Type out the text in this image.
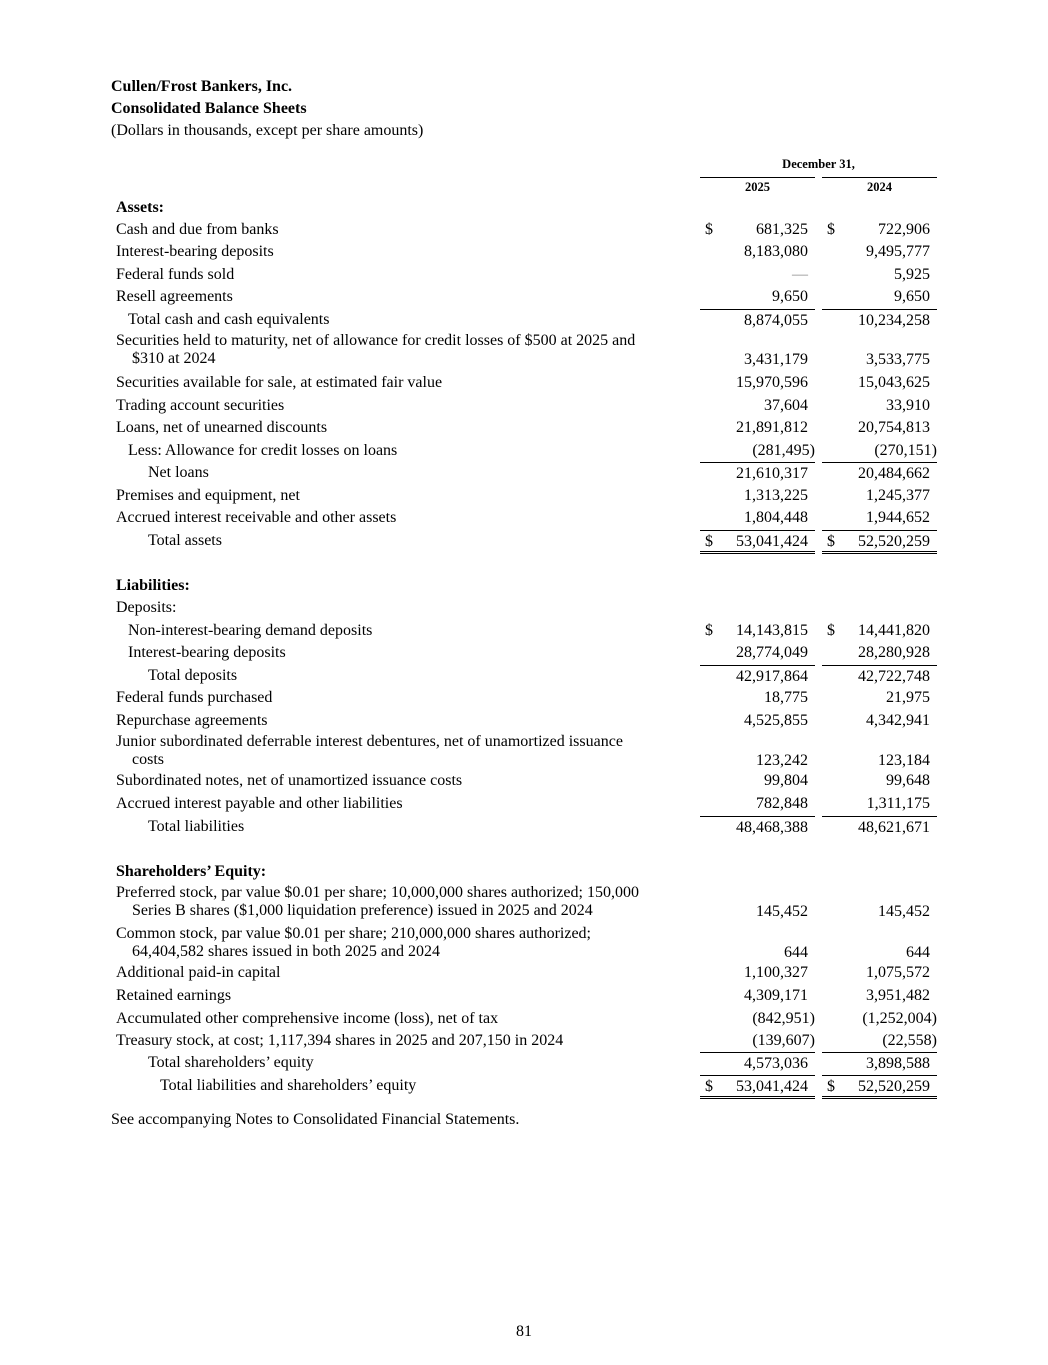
Cullen/Frost Bankers, Inc.
Consolidated Balance Sheets
(Dollars in thousands, except per share amounts)
December 31,
2025	2024
Assets:
Cash and due from banks	$	681,325 $	722,906
Interest-bearing deposits	8,183,080	9,495,777
Federal funds sold	—	5,925
Resell agreements	9,650	9,650
Total cash and cash equivalents	8,874,055	10,234,258
Securities held to maturity, net of allowance for credit losses of $500 at 2025 and
$310 at 2024	3,431,179	3,533,775
Securities available for sale, at estimated fair value	15,970,596	15,043,625
Trading account securities	37,604	33,910
Loans, net of unearned discounts	21,891,812	20,754,813
Less: Allowance for credit losses on loans	(281,495)	(270,151)
Net loans	21,610,317	20,484,662
Premises and equipment, net	1,313,225	1,245,377
Accrued interest receivable and other assets	1,804,448	1,944,652
Total assets	$ 53,041,424 $ 52,520,259
Liabilities:
Deposits:
Non-interest-bearing demand deposits	$ 14,143,815 $ 14,441,820
Interest-bearing deposits	28,774,049	28,280,928
Total deposits	42,917,864	42,722,748
Federal funds purchased	18,775	21,975
Repurchase agreements	4,525,855	4,342,941
Junior subordinated deferrable interest debentures, net of unamortized issuance
costs	123,242	123,184
Subordinated notes, net of unamortized issuance costs	99,804	99,648
Accrued interest payable and other liabilities	782,848	1,311,175
Total liabilities	48,468,388	48,621,671
Shareholders’ Equity:
Preferred stock, par value $0.01 per share; 10,000,000 shares authorized; 150,000
Series B shares ($1,000 liquidation preference) issued in 2025 and 2024	145,452	145,452
Common stock, par value $0.01 per share; 210,000,000 shares authorized;
64,404,582 shares issued in both 2025 and 2024	644	644
Additional paid-in capital	1,100,327	1,075,572
Retained earnings	4,309,171	3,951,482
Accumulated other comprehensive income (loss), net of tax	(842,951)	(1,252,004)
Treasury stock, at cost; 1,117,394 shares in 2025 and 207,150 in 2024	(139,607)	(22,558)
Total shareholders’ equity	4,573,036	3,898,588
Total liabilities and shareholders’ equity	$ 53,041,424 $ 52,520,259
See accompanying Notes to Consolidated Financial Statements.
81
